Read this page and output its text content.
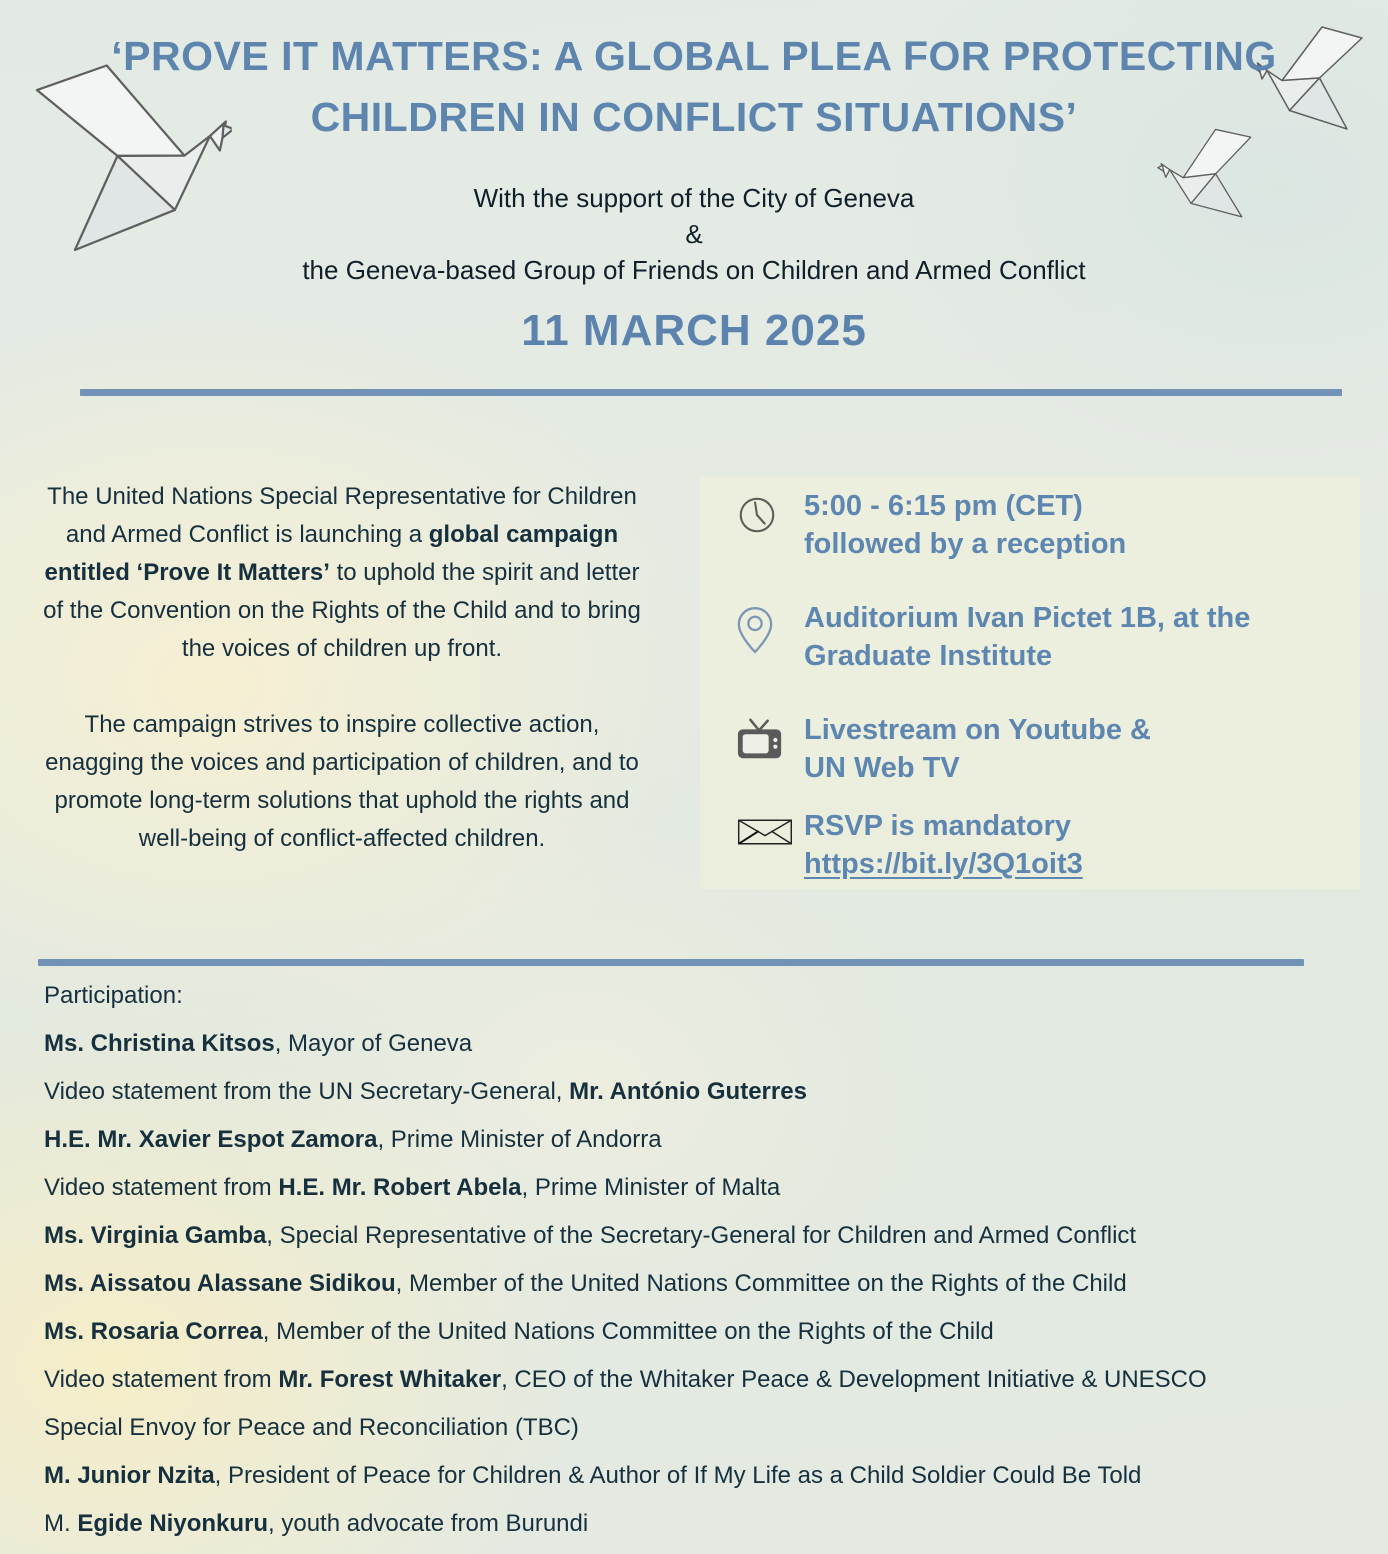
‘PROVE IT MATTERS: A GLOBAL PLEA FOR PROTECTING
CHILDREN IN CONFLICT SITUATIONS’
With the support of the City of Geneva
&
the Geneva-based Group of Friends on Children and Armed Conflict
11 MARCH 2025

The United Nations Special Representative for Children and Armed Conflict is launching a global campaign entitled ‘Prove It Matters’ to uphold the spirit and letter of the Convention on the Rights of the Child and to bring the voices of children up front.

The campaign strives to inspire collective action, enagging the voices and participation of children, and to promote long-term solutions that uphold the rights and well-being of conflict-affected children.

5:00 - 6:15 pm (CET)
followed by a reception
Auditorium Ivan Pictet 1B, at the
Graduate Institute
Livestream on Youtube &
UN Web TV
RSVP is mandatory https://bit.ly/3Q1oit3
Participation:
Ms. Christina Kitsos, Mayor of Geneva
Video statement from the UN Secretary-General, Mr. António Guterres
H.E. Mr. Xavier Espot Zamora, Prime Minister of Andorra
Video statement from H.E. Mr. Robert Abela, Prime Minister of Malta
Ms. Virginia Gamba, Special Representative of the Secretary-General for Children and Armed Conflict
Ms. Aissatou Alassane Sidikou, Member of the United Nations Committee on the Rights of the Child
Ms. Rosaria Correa, Member of the United Nations Committee on the Rights of the Child
Video statement from Mr. Forest Whitaker, CEO of the Whitaker Peace & Development Initiative & UNESCO
Special Envoy for Peace and Reconciliation (TBC)
M. Junior Nzita, President of Peace for Children & Author of If My Life as a Child Soldier Could Be Told
M. Egide Niyonkuru, youth advocate from Burundi
